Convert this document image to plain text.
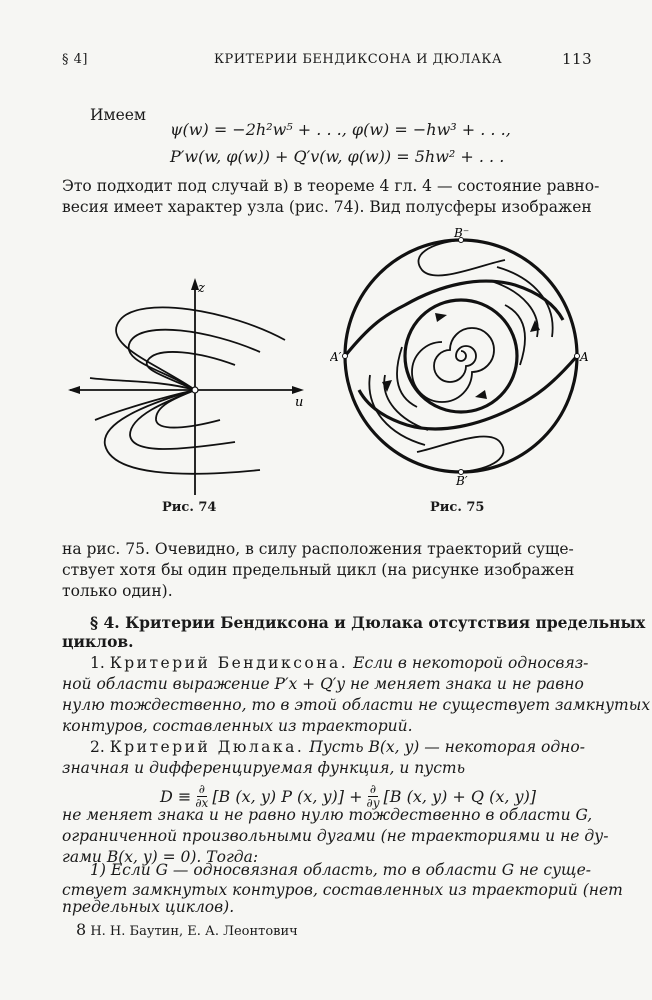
§ 4]	КРИТЕРИИ БЕНДИКСОНА И ДЮЛАКА	113
Имеем
ψ(w) = −2h²w⁵ + . . ., φ(w) = −hw³ + . . .,
P′w(w, φ(w)) + Q′v(w, φ(w)) = 5hw² + . . .
Это подходит под случай в) в теореме 4 гл. 4 — состояние равно-
весия имеет характер узла (рис. 74). Вид полусферы изображен
z
u
Рис. 74
B⁻
B′
A′	A
Рис. 75
на рис. 75. Очевидно, в силу расположения траекторий суще-
ствует хотя бы один предельный цикл (на рисунке изображен
только один).
§ 4. Критерии Бендиксона и Дюлака отсутствия предельных
циклов.
1. Критерий Бендиксона. Если в некоторой односвяз-
ной области выражение P′x + Q′y не меняет знака и не равно
нулю тождественно, то в этой области не существует замкнутых
контуров, составленных из траекторий.
2. Критерий Дюлака. Пусть B(x, y) — некоторая одно-
значная и дифференцируемая функция, и пусть
D ≡ ∂
∂x [B (x, y) P (x, y)] + ∂
∂y [B (x, y) + Q (x, y)]
не меняет знака и не равно нулю тождественно в области G,
ограниченной произвольными дугами (не траекториями и не ду-
гами B(x, y) = 0). Тогда:
1) Если G — односвязная область, то в области G не суще-
ствует замкнутых контуров, составленных из траекторий (нет
8 Н. Н. Баутин, Е. А. Леонтович
предельных циклов).
